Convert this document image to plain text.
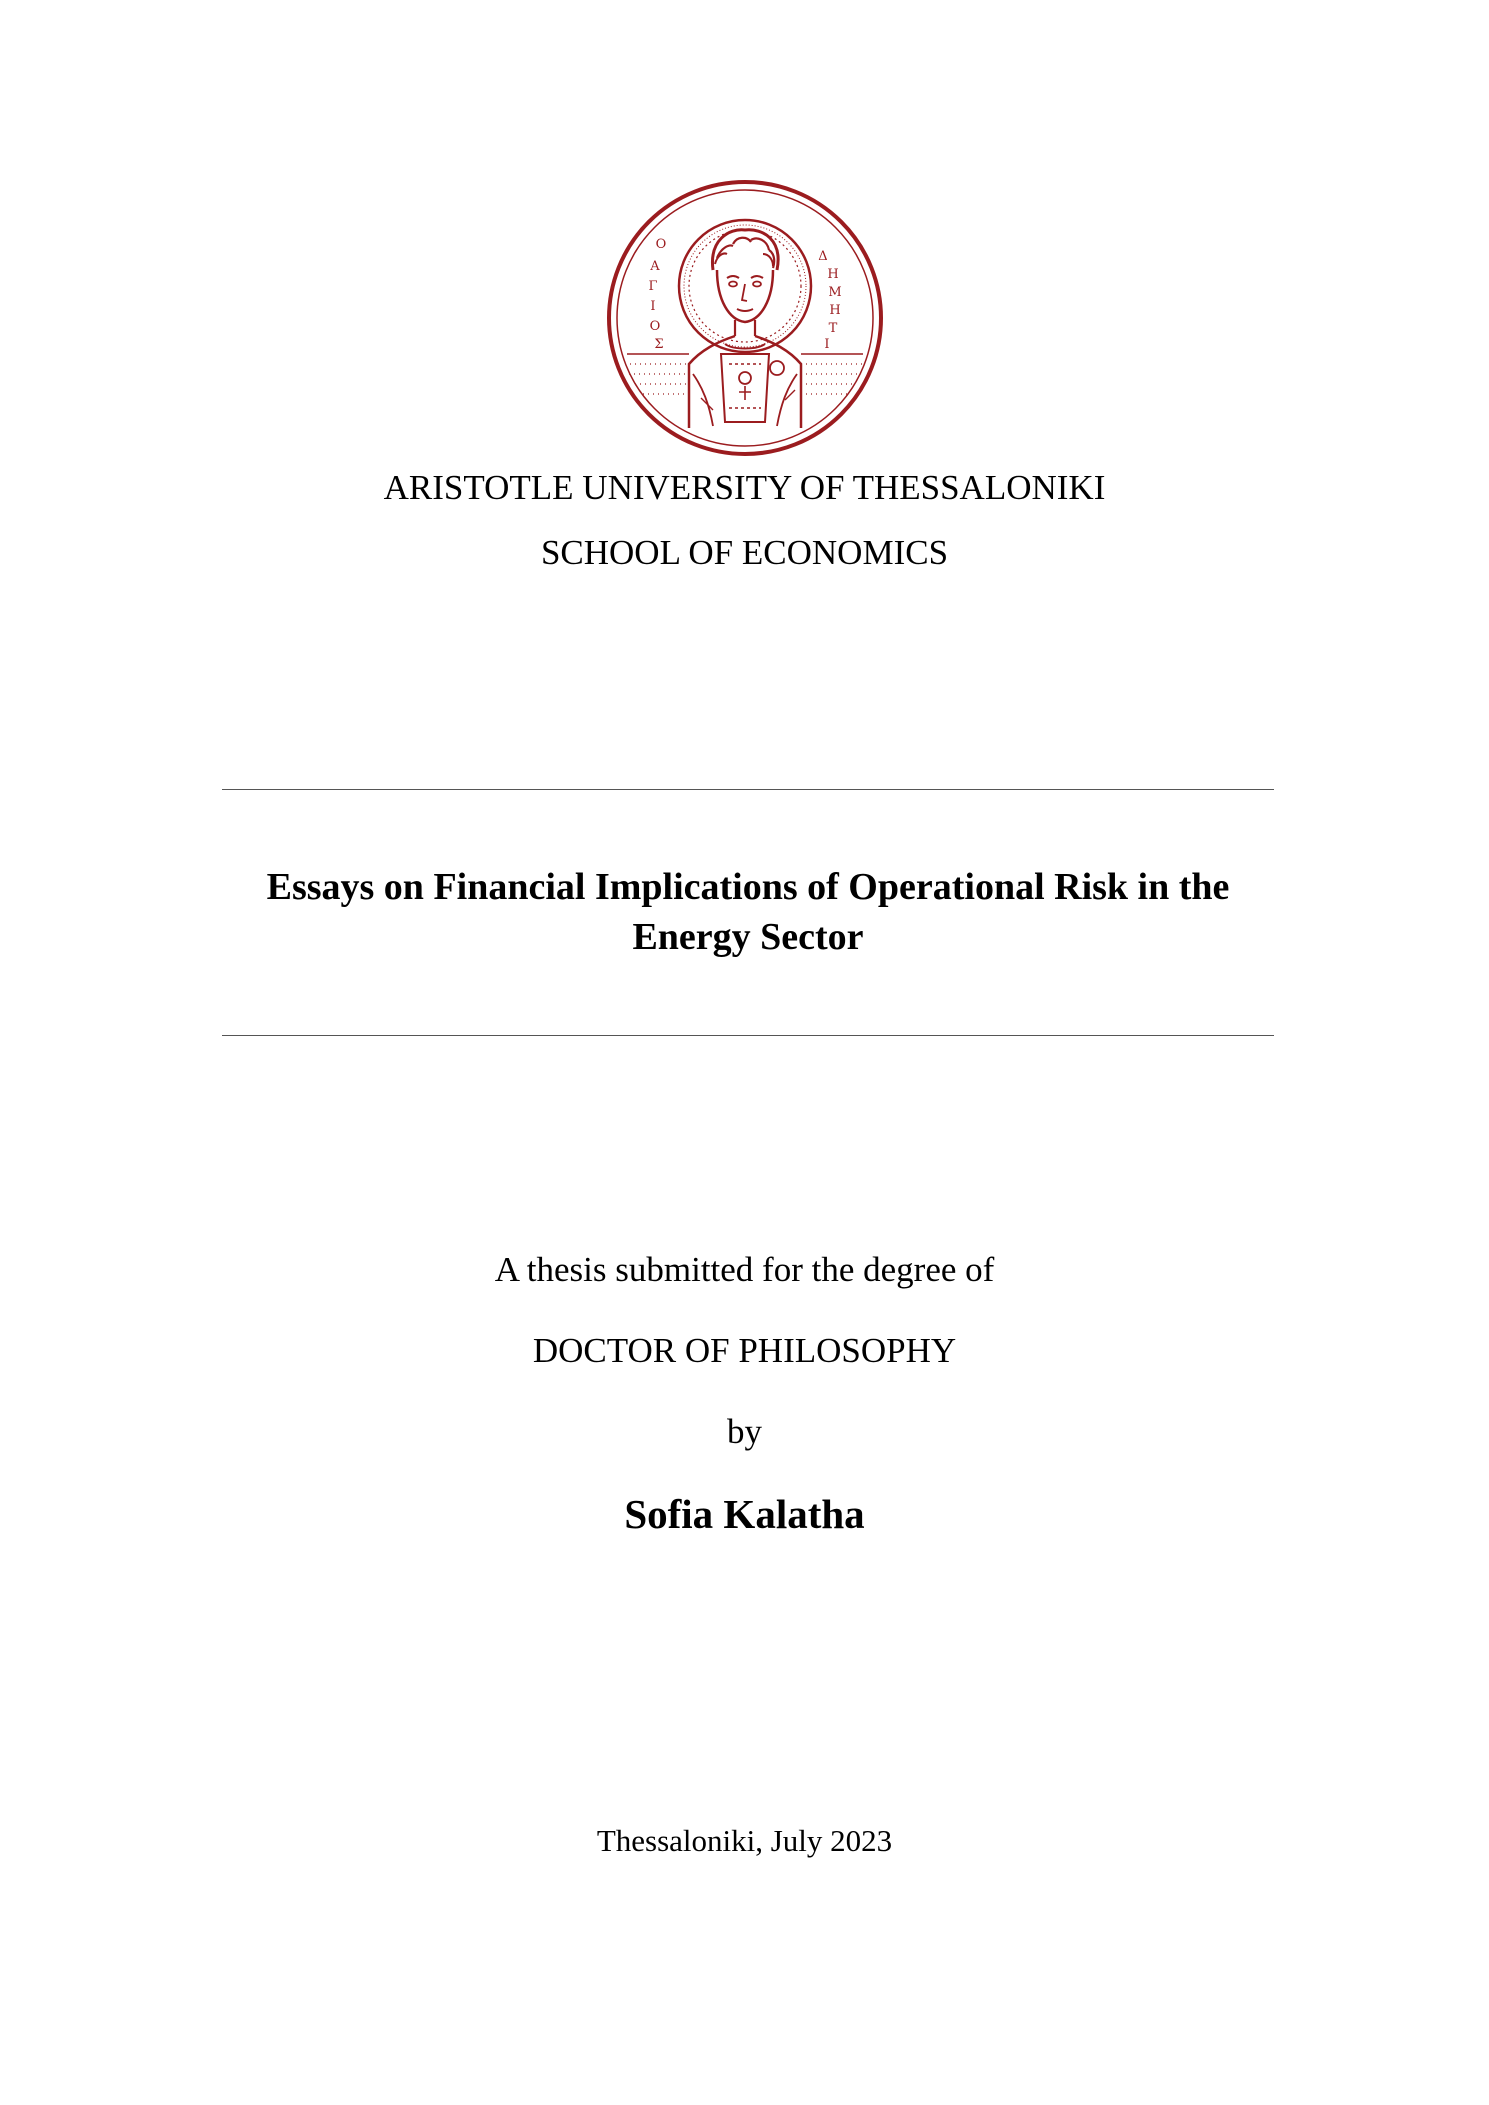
Ο
Α
Γ
Ι
Ο
Σ
Δ
Η
Μ
Η
Τ
Ι
ARISTOTLE UNIVERSITY OF THESSALONIKI
SCHOOL OF ECONOMICS
Essays on Financial Implications of Operational Risk in the
Energy Sector
A thesis submitted for the degree of
DOCTOR OF PHILOSOPHY
by
Sofia Kalatha
Thessaloniki, July 2023
